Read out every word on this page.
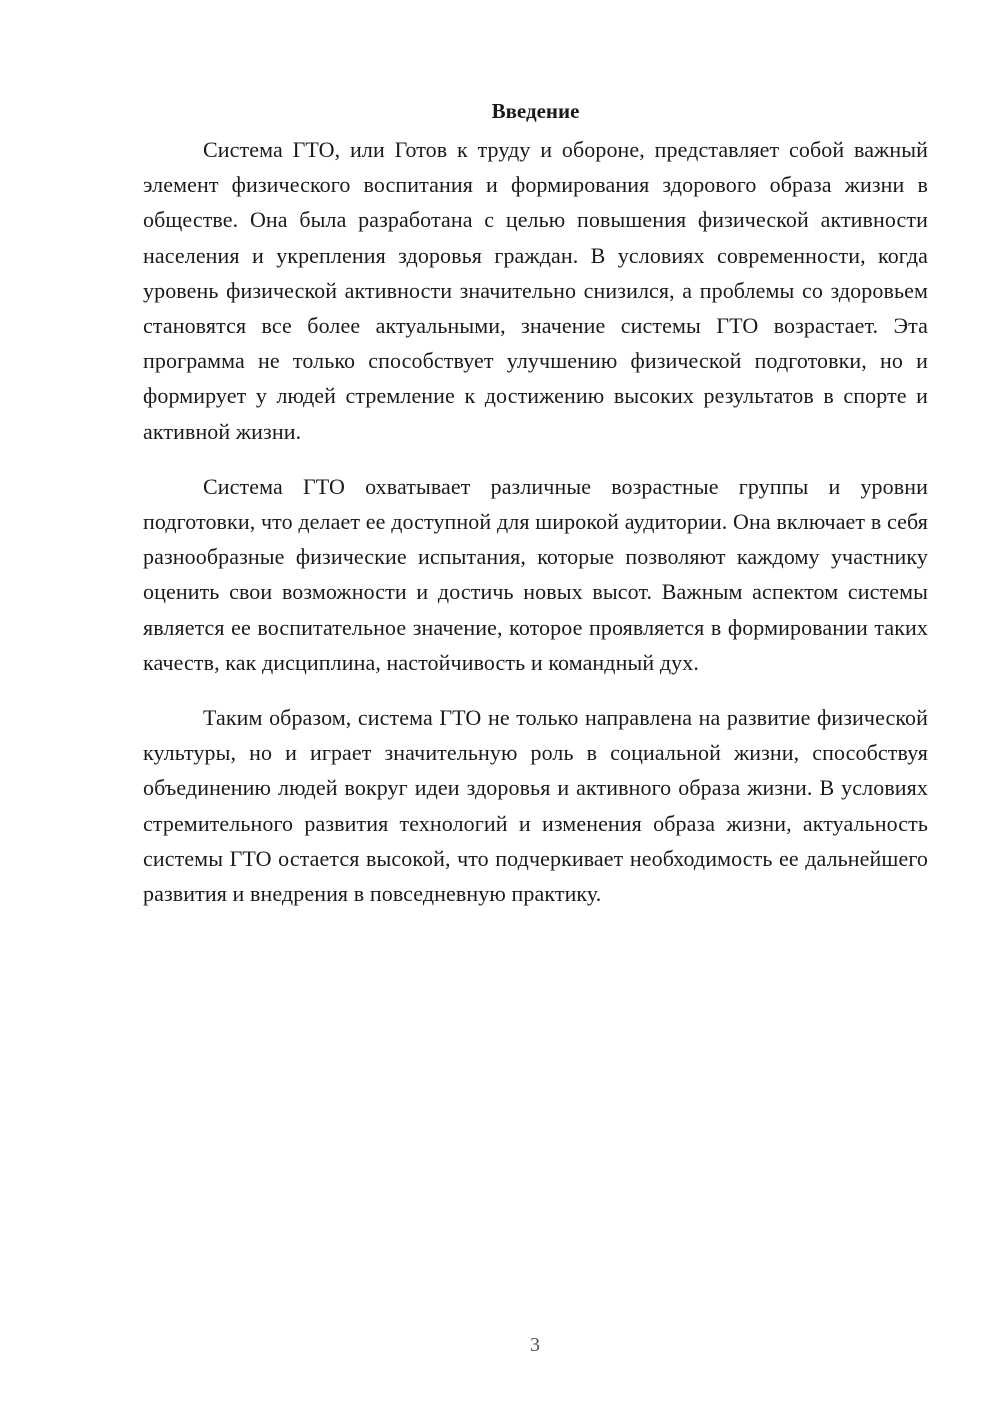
Введение

Система ГТО, или Готов к труду и обороне, представляет собой важный элемент физического воспитания и формирования здорового образа жизни в обществе. Она была разработана с целью повышения физической активности населения и укрепления здоровья граждан. В условиях современности, когда уровень физической активности значительно снизился, а проблемы со здоровьем становятся все более актуальными, значение системы ГТО возрастает. Эта программа не только способствует улучшению физической подготовки, но и формирует у людей стремление к достижению высоких результатов в спорте и активной жизни.

Система ГТО охватывает различные возрастные группы и уровни подготовки, что делает ее доступной для широкой аудитории. Она включает в себя разнообразные физические испытания, которые позволяют каждому участнику оценить свои возможности и достичь новых высот. Важным аспектом системы является ее воспитательное значение, которое проявляется в формировании таких качеств, как дисциплина, настойчивость и командный дух.

Таким образом, система ГТО не только направлена на развитие физической культуры, но и играет значительную роль в социальной жизни, способствуя объединению людей вокруг идеи здоровья и активного образа жизни. В условиях стремительного развития технологий и изменения образа жизни, актуальность системы ГТО остается высокой, что подчеркивает необходимость ее дальнейшего развития и внедрения в повседневную практику.

3
